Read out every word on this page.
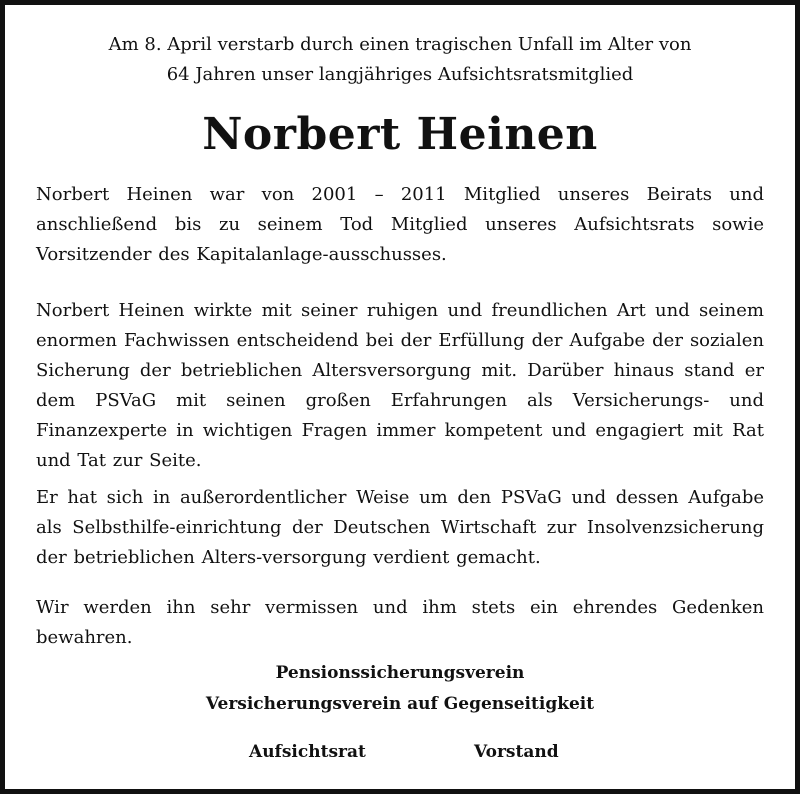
Am 8. April verstarb durch einen tragischen Unfall im Alter von
64 Jahren unser langjähriges Aufsichtsratsmitglied
Norbert Heinen
Norbert Heinen war von 2001 – 2011 Mitglied unseres Beirats und anschließend bis zu seinem Tod Mitglied unseres Aufsichtsrats sowie Vorsitzender des Kapitalanlage-ausschusses.
Norbert Heinen wirkte mit seiner ruhigen und freundlichen Art und seinem enormen Fachwissen entscheidend bei der Erfüllung der Aufgabe der sozialen Sicherung der betrieblichen Altersversorgung mit. Darüber hinaus stand er dem PSVaG mit seinen großen Erfahrungen als Versicherungs- und Finanzexperte in wichtigen Fragen immer kompetent und engagiert mit Rat und Tat zur Seite.
Er hat sich in außerordentlicher Weise um den PSVaG und dessen Aufgabe als Selbsthilfe-einrichtung der Deutschen Wirtschaft zur Insolvenzsicherung der betrieblichen Alters-versorgung verdient gemacht.
Wir werden ihn sehr vermissen und ihm stets ein ehrendes Gedenken bewahren.
Pensionssicherungsverein
Versicherungsverein auf Gegenseitigkeit
Aufsichtsrat	Vorstand
